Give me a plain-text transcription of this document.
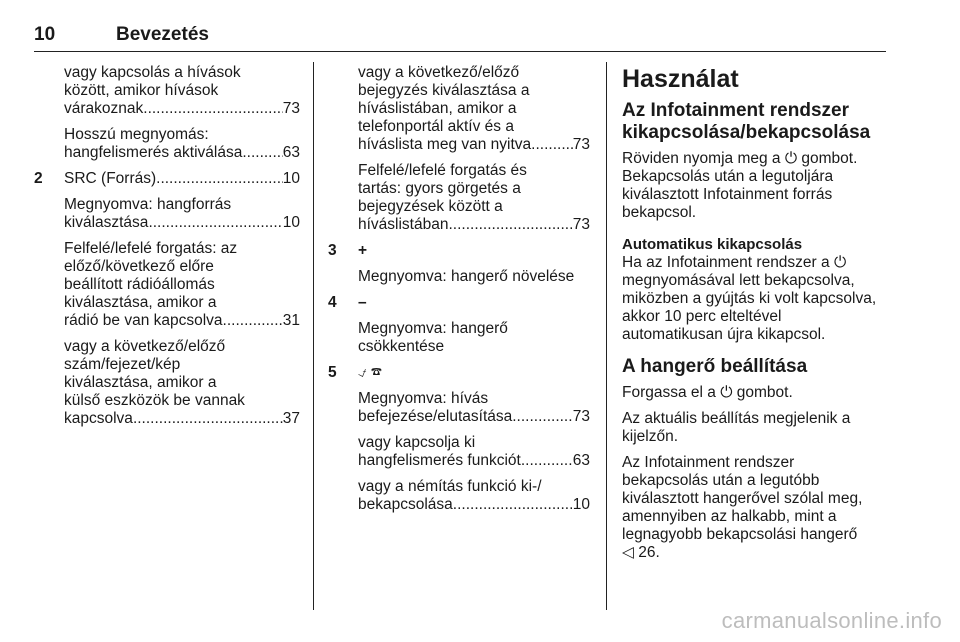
10	Bevezetés
vagy kapcsolás a hívások
között, amikor hívások
várakoznak .....	73
Hosszú megnyomás:
hangfelismerés aktiválása .....	63
2 SRC (Forrás) .....	10
Megnyomva: hangforrás
kiválasztása .....	10
Felfelé/lefelé forgatás: az
előző/következő előre
beállított rádióállomás
kiválasztása, amikor a
rádió be van kapcsolva .....	31
vagy a következő/előző
szám/fejezet/kép
kiválasztása, amikor a
külső eszközök be vannak
kapcsolva .....	37
vagy a következő/előző
bejegyzés kiválasztása a
híváslistában, amikor a
telefonportál aktív és a
híváslista meg van nyitva .....	73
Felfelé/lefelé forgatás és
tartás: gyors görgetés a
bejegyzések között a
híváslistában .....	73
3 +
Megnyomva: hangerő növelése
4 –
Megnyomva: hangerő
csökkentése
5 ⍻ ☎
Megnyomva: hívás
befejezése/elutasítása .....	73
vagy kapcsolja ki
hangfelismerés funkciót .....	63
vagy a némítás funkció ki-/
bekapcsolása .....	10
Használat
Az Infotainment rendszer
kikapcsolása/bekapcsolása
Röviden nyomja meg a ⏻ gombot.
Bekapcsolás után a legutoljára
kiválasztott Infotainment forrás
bekapcsol.
Automatikus kikapcsolás
Ha az Infotainment rendszer a ⏻
megnyomásával lett bekapcsolva,
miközben a gyújtás ki volt kapcsolva,
akkor 10 perc elteltével
automatikusan újra kikapcsol.
A hangerő beállítása
Forgassa el a ⏻ gombot.
Az aktuális beállítás megjelenik a
kijelzőn.
Az Infotainment rendszer
bekapcsolás után a legutóbb
kiválasztott hangerővel szólal meg,
amennyiben az halkabb, mint a
legnagyobb bekapcsolási hangerő
◁ 26.
carmanualsonline.info
